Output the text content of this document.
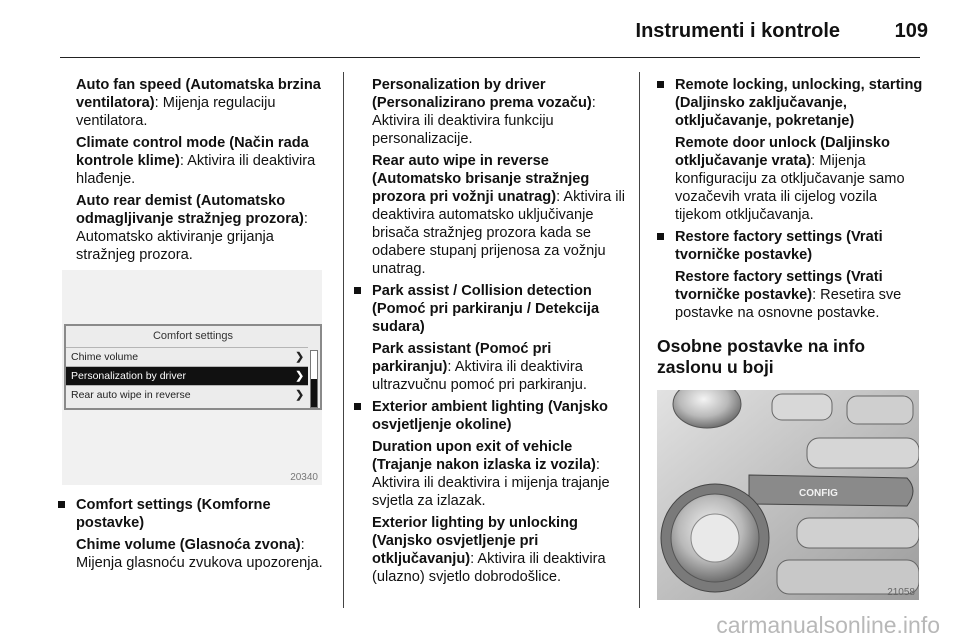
Instrumenti i kontrole	109

Auto fan speed (Automatska brzina ventilatora): Mijenja regulaciju ventilatora.

Climate control mode (Način rada kontrole klime): Aktivira ili deaktivira hlađenje.

Auto rear demist (Automatsko odmagljivanje stražnjeg prozora): Automatsko aktiviranje grijanja stražnjeg prozora.

Comfort settings
Chime volume	❯
Personalization by driver	❯
Rear auto wipe in reverse	❯
20340
Comfort settings (Komforne postavke)

Chime volume (Glasnoća zvona): Mijenja glasnoću zvukova upozorenja.

Personalization by driver (Personalizirano prema vozaču): Aktivira ili deaktivira funkciju personalizacije.

Rear auto wipe in reverse (Automatsko brisanje stražnjeg prozora pri vožnji unatrag): Aktivira ili deaktivira automatsko uključivanje brisača stražnjeg prozora kada se odabere stupanj prijenosa za vožnju unatrag.

Park assist / Collision detection (Pomoć pri parkiranju / Detekcija sudara)

Park assistant (Pomoć pri parkiranju): Aktivira ili deaktivira ultrazvučnu pomoć pri parkiranju.

Exterior ambient lighting (Vanjsko osvjetljenje okoline)

Duration upon exit of vehicle (Trajanje nakon izlaska iz vozila): Aktivira ili deaktivira i mijenja trajanje svjetla za izlazak.

Exterior lighting by unlocking (Vanjsko osvjetljenje pri otključavanju): Aktivira ili deaktivira (ulazno) svjetlo dobrodošlice.

Remote locking, unlocking, starting (Daljinsko zaključavanje, otključavanje, pokretanje)

Remote door unlock (Daljinsko otključavanje vrata): Mijenja konfiguraciju za otključavanje samo vozačevih vrata ili cijelog vozila tijekom otključavanja.

Restore factory settings (Vrati tvorničke postavke)

Restore factory settings (Vrati tvorničke postavke): Resetira sve postavke na osnovne postavke.

Osobne postavke na info zaslonu u boji
CONFIG
21058
carmanualsonline.info
